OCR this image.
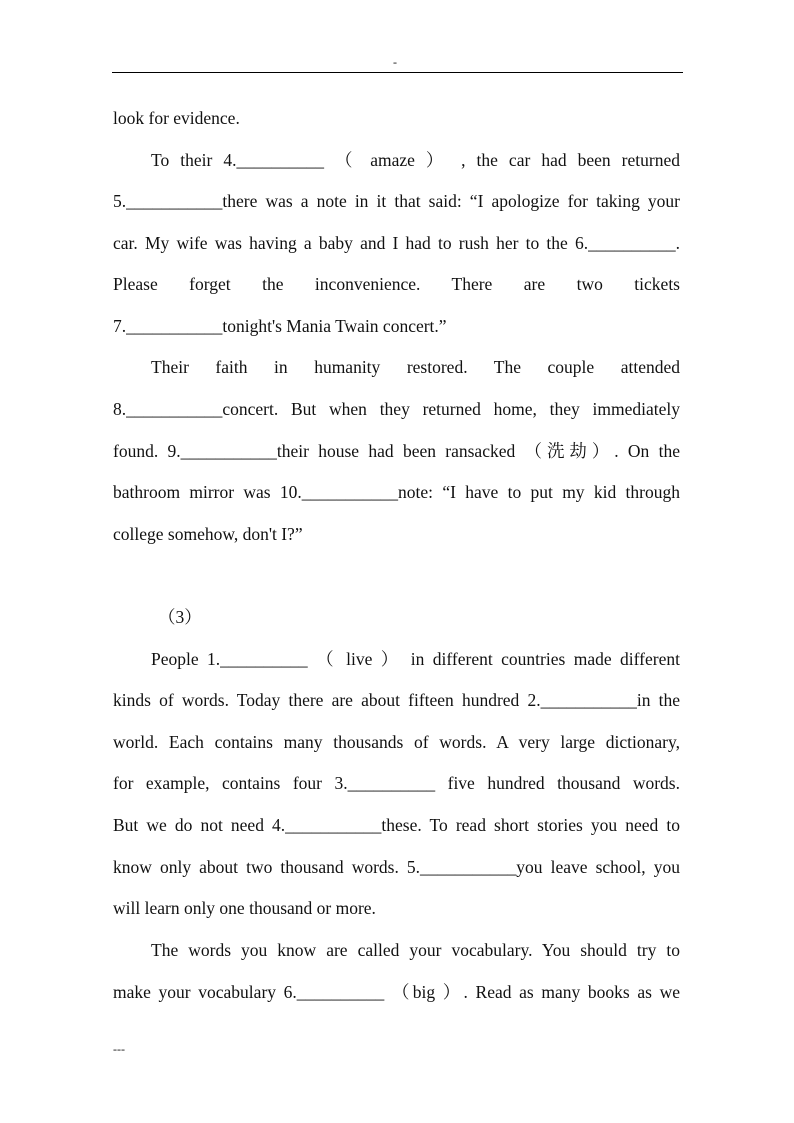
-
look for evidence.
To their 4.__________ （ amaze ） , the car had been returned
5.___________there was a note in it that said: “I apologize for taking your
car. My wife was having a baby and I had to rush her to the 6.__________.
Please forget the inconvenience. There are two tickets
7.___________tonight's Mania Twain concert.”
Their faith in humanity restored. The couple attended
8.___________concert. But when they returned home, they immediately
found. 9.___________their house had been ransacked （洗劫）. On the
bathroom mirror was 10.___________note: “I have to put my kid through
college somehow, don't I?”
（3）
People 1.__________ （ live ） in different countries made different
kinds of words. Today there are about fifteen hundred 2.___________in the
world. Each contains many thousands of words. A very large dictionary,
for example, contains four 3.__________ five hundred thousand words.
But we do not need 4.___________these. To read short stories you need to
know only about two thousand words. 5.___________you leave school, you
will learn only one thousand or more.
The words you know are called your vocabulary. You should try to
make your vocabulary 6.__________ （big ）. Read as many books as we
---
